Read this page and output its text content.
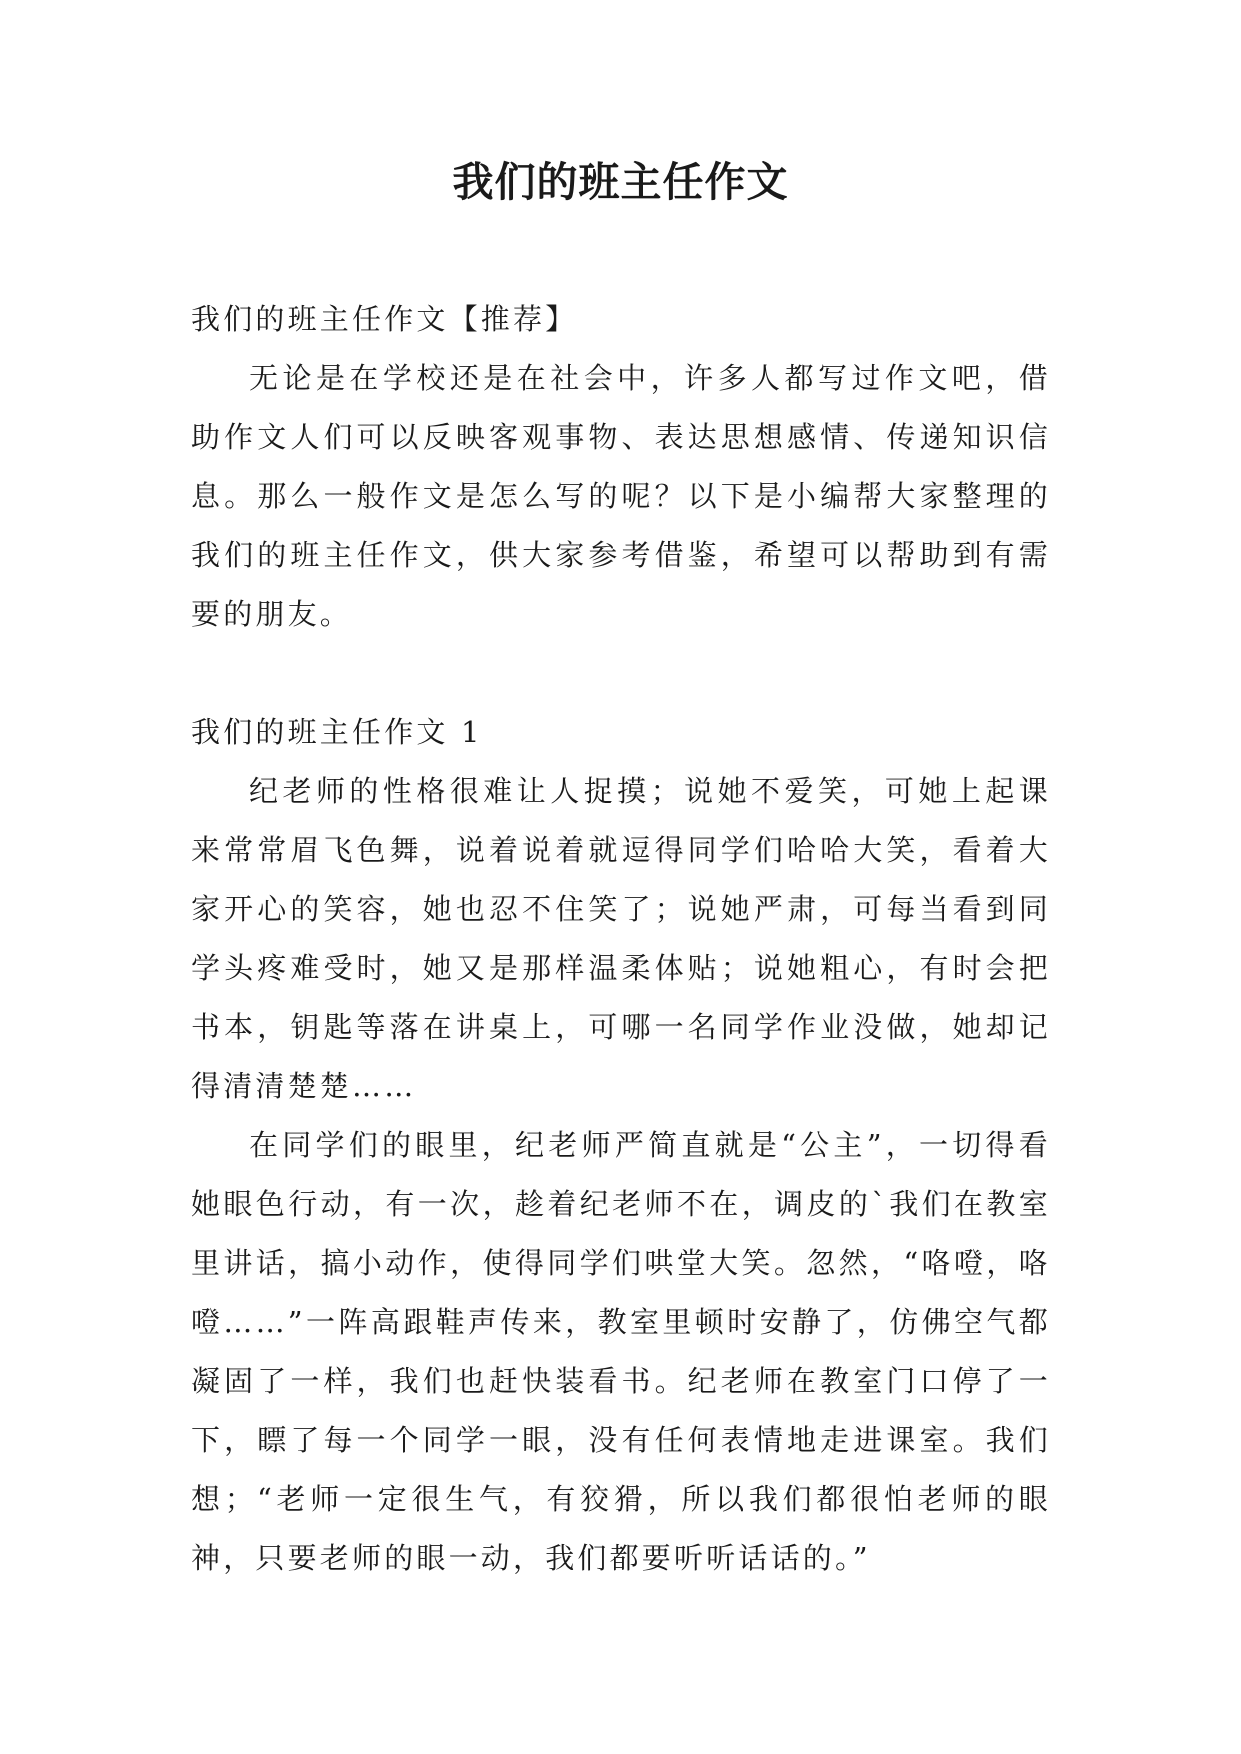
我们的班主任作文

我们的班主任作文【推荐】

无论是在学校还是在社会中，许多人都写过作文吧，借助作文人们可以反映客观事物、表达思想感情、传递知识信息。那么一般作文是怎么写的呢？以下是小编帮大家整理的我们的班主任作文，供大家参考借鉴，希望可以帮助到有需要的朋友。

我们的班主任作文 1

纪老师的性格很难让人捉摸；说她不爱笑，可她上起课来常常眉飞色舞，说着说着就逗得同学们哈哈大笑，看着大家开心的笑容，她也忍不住笑了；说她严肃，可每当看到同学头疼难受时，她又是那样温柔体贴；说她粗心，有时会把书本，钥匙等落在讲桌上，可哪一名同学作业没做，她却记得清清楚楚……

在同学们的眼里，纪老师严简直就是“公主”，一切得看她眼色行动，有一次，趁着纪老师不在，调皮的`我们在教室里讲话，搞小动作，使得同学们哄堂大笑。忽然，“咯噔，咯噔……”一阵高跟鞋声传来，教室里顿时安静了，仿佛空气都凝固了一样，我们也赶快装看书。纪老师在教室门口停了一下，瞟了每一个同学一眼，没有任何表情地走进课室。我们想；“老师一定很生气，有狡猾，所以我们都很怕老师的眼神，只要老师的眼一动，我们都要听听话话的。”
